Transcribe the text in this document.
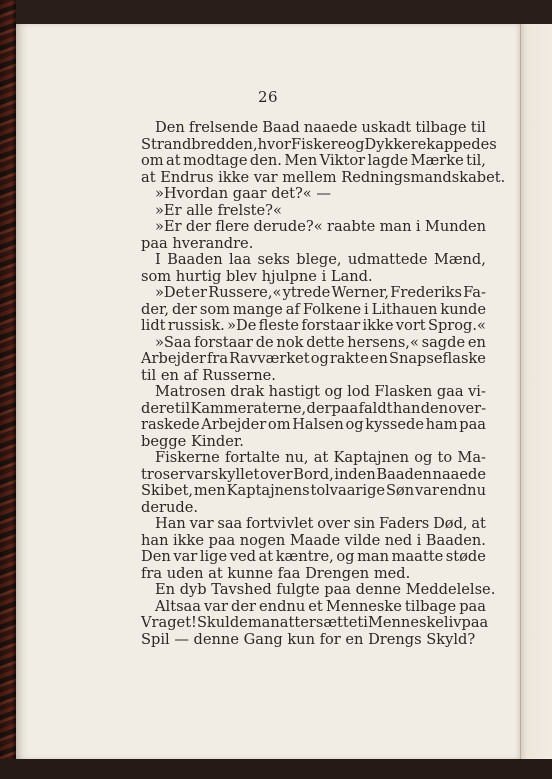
26
Den frelsende Baad naaede uskadt tilbage til
Strandbredden, hvor Fiskere og Dykkere kappedes
om at modtage den. Men Viktor lagde Mærke til,
at Endrus ikke var mellem Redningsmandskabet.
»Hvordan gaar det?« —
»Er alle frelste?«
»Er der flere derude?« raabte man i Munden
paa hverandre.
I Baaden laa seks blege, udmattede Mænd,
som hurtig blev hjulpne i Land.
»Det er Russere,« ytrede Werner, Frederiks Fa-
der, der som mange af Folkene i Lithauen kunde
lidt russisk. »De fleste forstaar ikke vort Sprog.«
»Saa forstaar de nok dette hersens,« sagde en
Arbejder fra Ravværket og rakte en Snapseflaske
til en af Russerne.
Matrosen drak hastigt og lod Flasken gaa vi-
dere til Kammeraterne, derpaa faldt han den over-
raskede Arbejder om Halsen og kyssede ham paa
begge Kinder.
Fiskerne fortalte nu, at Kaptajnen og to Ma-
troser var skyllet over Bord, inden Baaden naaede
Skibet, men Kaptajnens tolvaarige Søn var endnu
derude.
Han var saa fortvivlet over sin Faders Død, at
han ikke paa nogen Maade vilde ned i Baaden.
Den var lige ved at kæntre, og man maatte støde
fra uden at kunne faa Drengen med.
En dyb Tavshed fulgte paa denne Meddelelse.
Altsaa var der endnu et Menneske tilbage paa
Vraget! Skulde man atter sætte ti Menneskeliv paa
Spil — denne Gang kun for en Drengs Skyld?
